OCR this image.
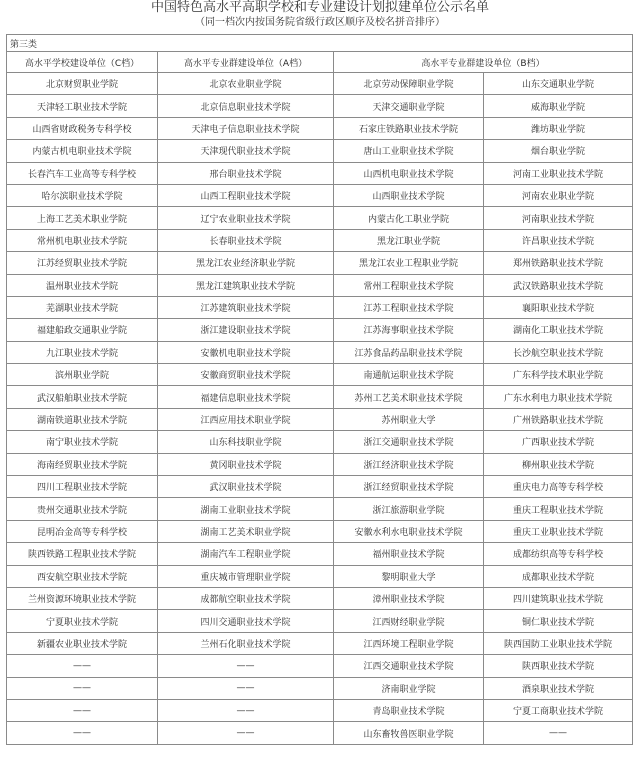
中国特色高水平高职学校和专业建设计划拟建单位公示名单
（同一档次内按国务院省级行政区顺序及校名拼音排序）
第三类			
高水平学校建设单位（C档）	高水平专业群建设单位（A档）	高水平专业群建设单位（B档）	
北京财贸职业学院	北京农业职业学院	北京劳动保障职业学院	山东交通职业学院
天津轻工职业技术学院	北京信息职业技术学院	天津交通职业学院	威海职业学院
山西省财政税务专科学校	天津电子信息职业技术学院	石家庄铁路职业技术学院	潍坊职业学院
内蒙古机电职业技术学院	天津现代职业技术学院	唐山工业职业技术学院	烟台职业学院
长春汽车工业高等专科学校	邢台职业技术学院	山西机电职业技术学院	河南工业职业技术学院
哈尔滨职业技术学院	山西工程职业技术学院	山西职业技术学院	河南农业职业学院
上海工艺美术职业学院	辽宁农业职业技术学院	内蒙古化工职业学院	河南职业技术学院
常州机电职业技术学院	长春职业技术学院	黑龙江职业学院	许昌职业技术学院
江苏经贸职业技术学院	黑龙江农业经济职业学院	黑龙江农业工程职业学院	郑州铁路职业技术学院
温州职业技术学院	黑龙江建筑职业技术学院	常州工程职业技术学院	武汉铁路职业技术学院
芜湖职业技术学院	江苏建筑职业技术学院	江苏工程职业技术学院	襄阳职业技术学院
福建船政交通职业学院	浙江建设职业技术学院	江苏海事职业技术学院	湖南化工职业技术学院
九江职业技术学院	安徽机电职业技术学院	江苏食品药品职业技术学院	长沙航空职业技术学院
滨州职业学院	安徽商贸职业技术学院	南通航运职业技术学院	广东科学技术职业学院
武汉船舶职业技术学院	福建信息职业技术学院	苏州工艺美术职业技术学院	广东水利电力职业技术学院
湖南铁道职业技术学院	江西应用技术职业学院	苏州职业大学	广州铁路职业技术学院
南宁职业技术学院	山东科技职业学院	浙江交通职业技术学院	广西职业技术学院
海南经贸职业技术学院	黄冈职业技术学院	浙江经济职业技术学院	柳州职业技术学院
四川工程职业技术学院	武汉职业技术学院	浙江经贸职业技术学院	重庆电力高等专科学校
贵州交通职业技术学院	湖南工业职业技术学院	浙江旅游职业学院	重庆工程职业技术学院
昆明冶金高等专科学校	湖南工艺美术职业学院	安徽水利水电职业技术学院	重庆工业职业技术学院
陕西铁路工程职业技术学院	湖南汽车工程职业学院	福州职业技术学院	成都纺织高等专科学校
西安航空职业技术学院	重庆城市管理职业学院	黎明职业大学	成都职业技术学院
兰州资源环境职业技术学院	成都航空职业技术学院	漳州职业技术学院	四川建筑职业技术学院
宁夏职业技术学院	四川交通职业技术学院	江西财经职业学院	铜仁职业技术学院
新疆农业职业技术学院	兰州石化职业技术学院	江西环境工程职业学院	陕西国防工业职业技术学院
——	——	江西交通职业技术学院	陕西职业技术学院
——	——	济南职业学院	酒泉职业技术学院
——	——	青岛职业技术学院	宁夏工商职业技术学院
——	——	山东畜牧兽医职业学院	——
